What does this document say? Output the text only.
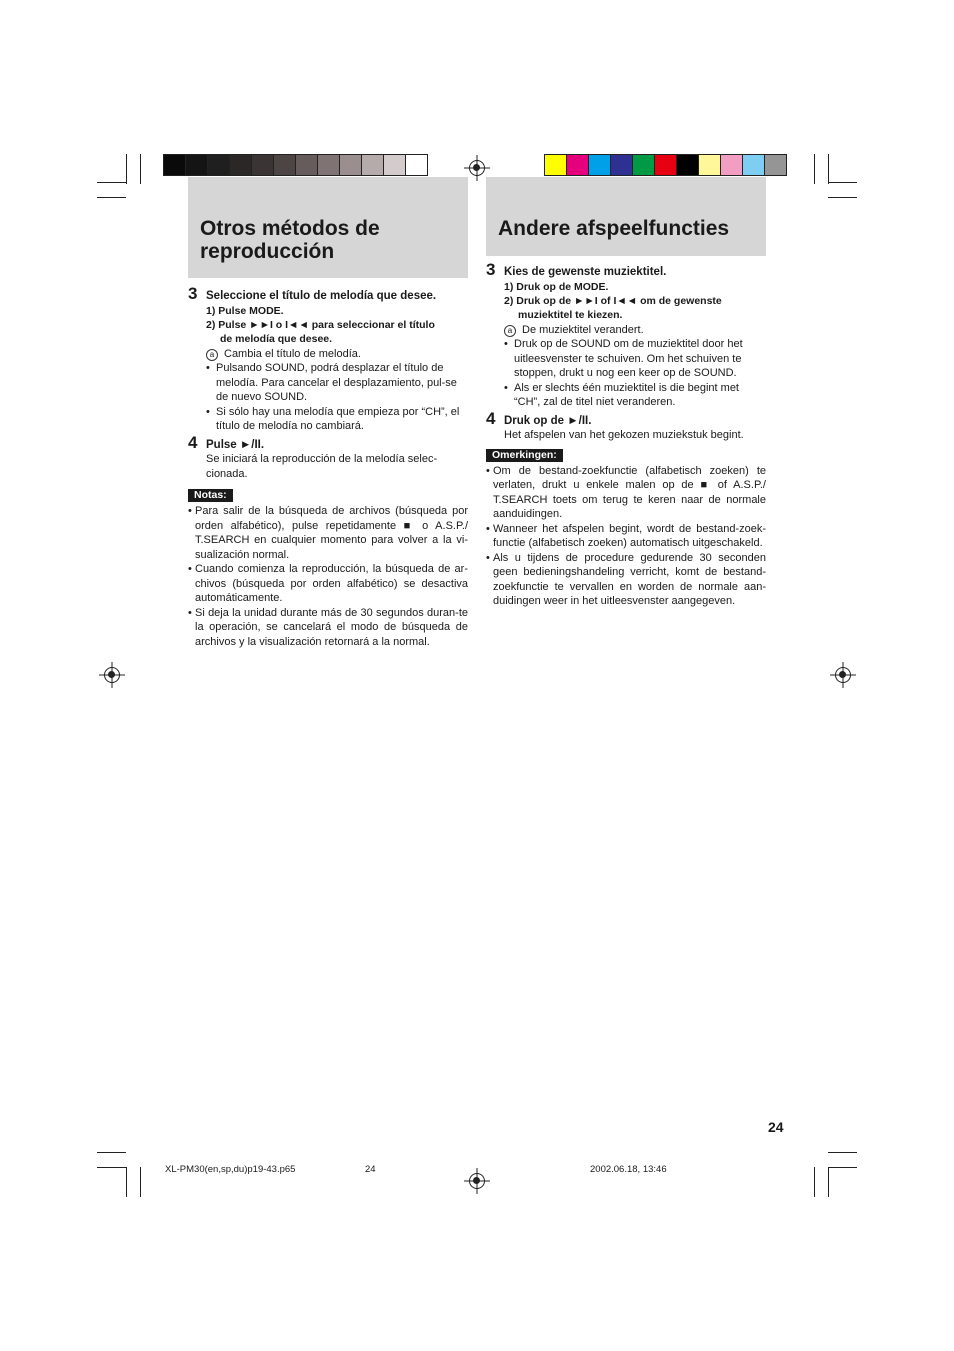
Otros métodos de
reproducción
Andere afspeelfuncties
3 Seleccione el título de melodía que desee.
1) Pulse MODE.
2) Pulse ►►I o I◄◄ para seleccionar el título
de melodía que desee.
a Cambia el título de melodía.
• Pulsando SOUND, podrá desplazar el título de melodía. Para cancelar el desplazamiento, pul-se de nuevo SOUND.
• Si sólo hay una melodía que empieza por “CH”, el título de melodía no cambiará.
4 Pulse ►/II.
Se iniciará la reproducción de la melodía selec-cionada.
Notas:
• Para salir de la búsqueda de archivos (búsqueda por orden alfabético), pulse repetidamente ■ o A.S.P./ T.SEARCH en cualquier momento para volver a la vi-sualización normal.
• Cuando comienza la reproducción, la búsqueda de ar-chivos (búsqueda por orden alfabético) se desactiva automáticamente.
• Si deja la unidad durante más de 30 segundos duran-te la operación, se cancelará el modo de búsqueda de archivos y la visualización retornará a la normal.
3 Kies de gewenste muziektitel.
1) Druk op de MODE.
2) Druk op de ►►I of I◄◄ om de gewenste
muziektitel te kiezen.
a De muziektitel verandert.
• Druk op de SOUND om de muziektitel door het uitleesvenster te schuiven. Om het schuiven te stoppen, drukt u nog een keer op de SOUND.
• Als er slechts één muziektitel is die begint met “CH”, zal de titel niet veranderen.
4 Druk op de ►/II.
Het afspelen van het gekozen muziekstuk begint.
Omerkingen:
• Om de bestand-zoekfunctie (alfabetisch zoeken) te verlaten, drukt u enkele malen op de ■ of A.S.P./ T.SEARCH toets om terug te keren naar de normale aanduidingen.
• Wanneer het afspelen begint, wordt de bestand-zoek-functie (alfabetisch zoeken) automatisch uitgeschakeld.
• Als u tijdens de procedure gedurende 30 seconden geen bedieningshandeling verricht, komt de bestand-zoekfunctie te vervallen en worden de normale aan-duidingen weer in het uitleesvenster aangegeven.
24
XL-PM30(en,sp,du)p19-43.p65	24	2002.06.18, 13:46
